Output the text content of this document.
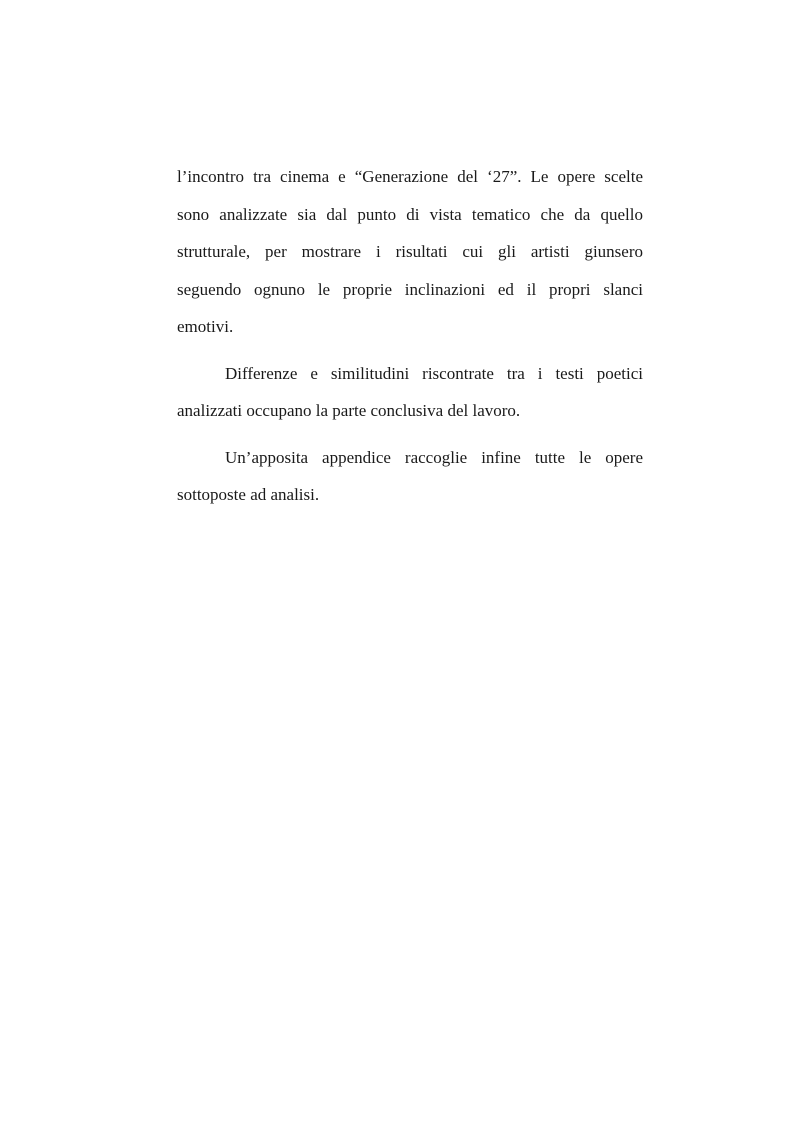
l’incontro tra cinema e “Generazione del ‘27”. Le opere scelte
sono analizzate sia dal punto di vista tematico che da quello
strutturale, per mostrare i risultati cui gli artisti giunsero
seguendo ognuno le proprie inclinazioni ed il propri slanci
emotivi.
Differenze e similitudini riscontrate tra i testi poetici
analizzati occupano la parte conclusiva del lavoro.
Un’apposita appendice raccoglie infine tutte le opere
sottoposte ad analisi.
